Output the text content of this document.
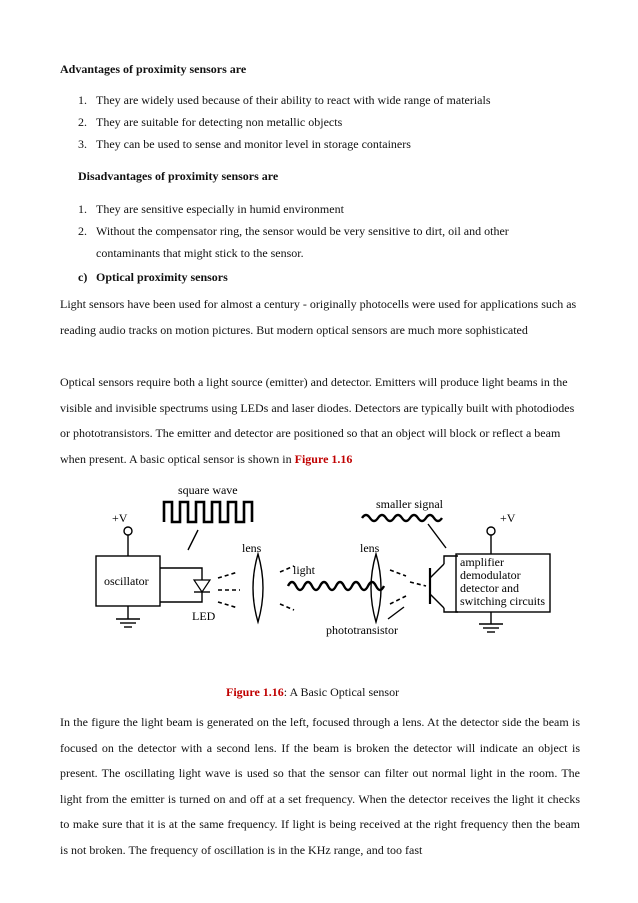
Advantages of proximity sensors are
1. They are widely used because of their ability to react with wide range of materials
2. They are suitable for detecting non metallic objects
3. They can be used to sense and monitor level in storage containers
Disadvantages of proximity sensors are
1. They are sensitive especially in humid environment
2. Without the compensator ring, the sensor would be very sensitive to dirt, oil and other
contaminants that might stick to the sensor.
c) Optical proximity sensors
Light sensors have been used for almost a century - originally photocells were used for applications such as reading audio tracks on motion pictures. But modern optical sensors are much more sophisticated
Optical sensors require both a light source (emitter) and detector. Emitters will produce light beams in the visible and invisible spectrums using LEDs and laser diodes. Detectors are typically built with photodiodes or phototransistors. The emitter and detector are positioned so that an object will block or reflect a beam when present. A basic optical sensor is shown in Figure 1.16
square wave
smaller signal
+V	+V
oscillator
LED
lens	lens
light
phototransistor
amplifier
demodulator
detector and
switching circuits
Figure 1.16: A Basic Optical sensor
In the figure the light beam is generated on the left, focused through a lens. At the detector side the beam is focused on the detector with a second lens. If the beam is broken the detector will indicate an object is present. The oscillating light wave is used so that the sensor can filter out normal light in the room. The light from the emitter is turned on and off at a set frequency. When the detector receives the light it checks to make sure that it is at the same frequency. If light is being received at the right frequency then the beam is not broken. The frequency of oscillation is in the KHz range, and too fast
